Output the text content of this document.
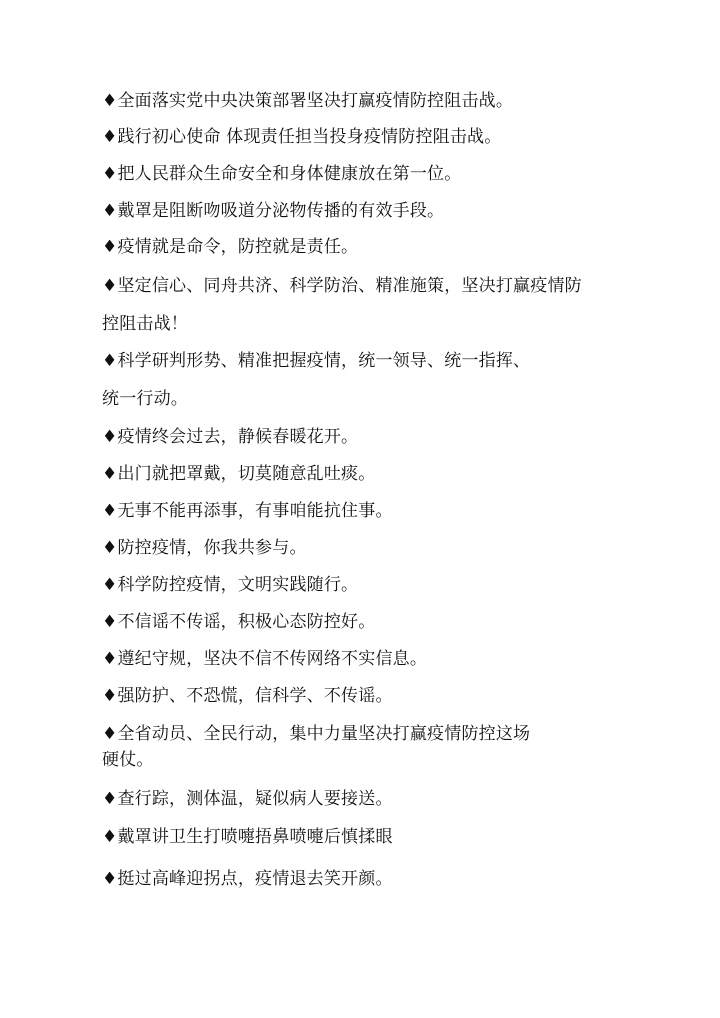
♦全面落实党中央决策部署坚决打赢疫情防控阻击战。
♦践行初心使命 体现责任担当投身疫情防控阻击战。
♦把人民群众生命安全和身体健康放在第一位。
♦戴罩是阻断吻吸道分泌物传播的有效手段。
♦疫情就是命令，防控就是责任。
♦坚定信心、同舟共济、科学防治、精准施策，坚决打赢疫情防
控阻击战！
♦科学研判形势、精准把握疫情，统一领导、统一指挥、
统一行动。
♦疫情终会过去，静候春暖花开。
♦出门就把罩戴，切莫随意乱吐痰。
♦无事不能再添事，有事咱能抗住事。
♦防控疫情，你我共参与。
♦科学防控疫情，文明实践随行。
♦不信谣不传谣，积极心态防控好。
♦遵纪守规，坚决不信不传网络不实信息。
♦强防护、不恐慌，信科学、不传谣。
♦全省动员、全民行动，集中力量坚决打赢疫情防控这场
硬仗。
♦查行踪，测体温，疑似病人要接送。
♦戴罩讲卫生打喷嚏捂鼻喷嚏后慎揉眼
♦挺过高峰迎拐点，疫情退去笑开颜。
